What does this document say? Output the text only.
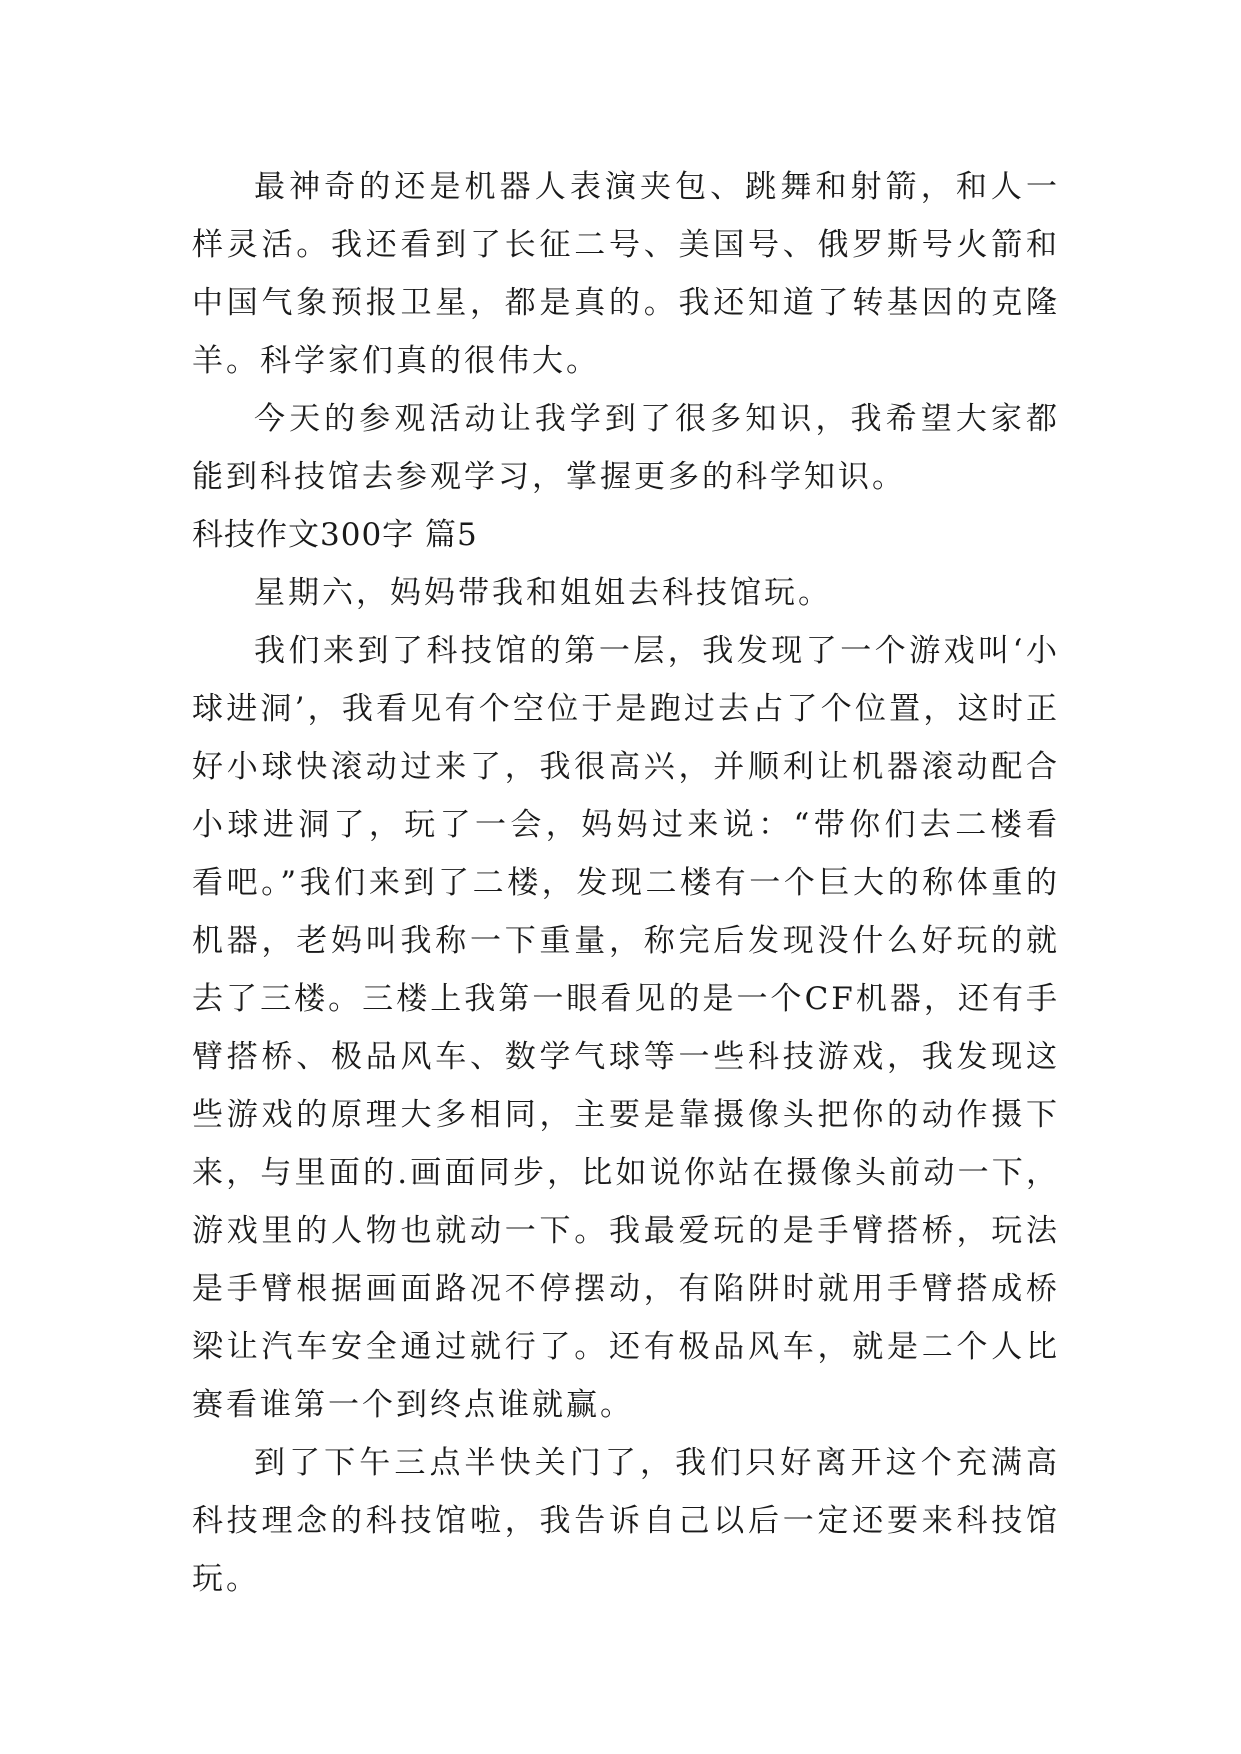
最神奇的还是机器人表演夹包、跳舞和射箭，和人一样灵活。我还看到了长征二号、美国号、俄罗斯号火箭和中国气象预报卫星，都是真的。我还知道了转基因的克隆羊。科学家们真的很伟大。

今天的参观活动让我学到了很多知识，我希望大家都能到科技馆去参观学习，掌握更多的科学知识。

科技作文300字 篇5

星期六，妈妈带我和姐姐去科技馆玩。

我们来到了科技馆的第一层，我发现了一个游戏叫‘小球进洞’，我看见有个空位于是跑过去占了个位置，这时正好小球快滚动过来了，我很高兴，并顺利让机器滚动配合小球进洞了，玩了一会，妈妈过来说：“带你们去二楼看看吧。”我们来到了二楼，发现二楼有一个巨大的称体重的机器，老妈叫我称一下重量，称完后发现没什么好玩的就去了三楼。三楼上我第一眼看见的是一个CF机器，还有手臂搭桥、极品风车、数学气球等一些科技游戏，我发现这些游戏的原理大多相同，主要是靠摄像头把你的动作摄下来，与里面的.画面同步，比如说你站在摄像头前动一下，游戏里的人物也就动一下。我最爱玩的是手臂搭桥，玩法是手臂根据画面路况不停摆动，有陷阱时就用手臂搭成桥梁让汽车安全通过就行了。还有极品风车，就是二个人比赛看谁第一个到终点谁就赢。

到了下午三点半快关门了，我们只好离开这个充满高科技理念的科技馆啦，我告诉自己以后一定还要来科技馆玩。
